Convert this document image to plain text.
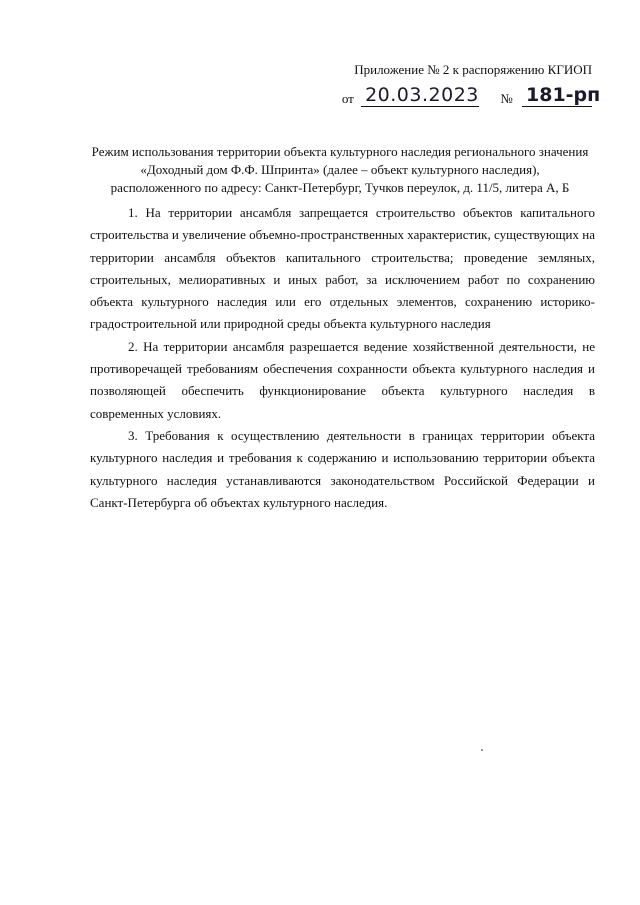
Приложение № 2 к распоряжению КГИОП
от 20.03.2023 № 181-рп
Режим использования территории объекта культурного наследия регионального значения
«Доходный дом Ф.Ф. Шпринта» (далее – объект культурного наследия),
расположенного по адресу: Санкт-Петербург, Тучков переулок, д. 11/5, литера А, Б

1. На территории ансамбля запрещается строительство объектов капитального строительства и увеличение объемно-пространственных характеристик, существующих на территории ансамбля объектов капитального строительства; проведение земляных, строительных, мелиоративных и иных работ, за исключением работ по сохранению объекта культурного наследия или его отдельных элементов, сохранению историко-градостроительной или природной среды объекта культурного наследия

2. На территории ансамбля разрешается ведение хозяйственной деятельности, не противоречащей требованиям обеспечения сохранности объекта культурного наследия и позволяющей обеспечить функционирование объекта культурного наследия в современных условиях.

3. Требования к осуществлению деятельности в границах территории объекта культурного наследия и требования к содержанию и использованию территории объекта культурного наследия устанавливаются законодательством Российской Федерации и Санкт-Петербурга об объектах культурного наследия.
